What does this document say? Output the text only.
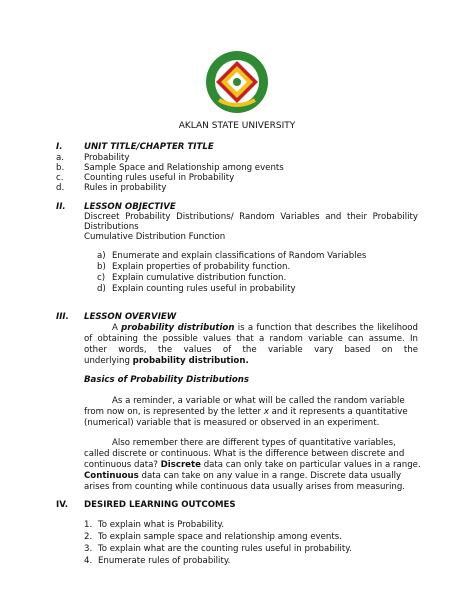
AKLAN STATE UNIVERSITY
I.	UNIT TITLE/CHAPTER TITLE
a. Probability
b. Sample Space and Relationship among events
c. Counting rules useful in Probability
d. Rules in probability
II. LESSON OBJECTIVE
Discreet Probability Distributions/ Random Variables and their Probability
Distributions
Cumulative Distribution Function
a) Enumerate and explain classifications of Random Variables
b) Explain properties of probability function.
c) Explain cumulative distribution function.
d) Explain counting rules useful in probability
III. LESSON OVERVIEW
A probability distribution is a function that describes the likelihood
of obtaining the possible values that a random variable can assume. In
other words, the values of the variable vary based on the
underlying probability distribution.
Basics of Probability Distributions
As a reminder, a variable or what will be called the random variable
from now on, is represented by the letter x and it represents a quantitative
(numerical) variable that is measured or observed in an experiment.
Also remember there are different types of quantitative variables,
called discrete or continuous. What is the difference between discrete and
continuous data? Discrete data can only take on particular values in a range.
Continuous data can take on any value in a range. Discrete data usually
arises from counting while continuous data usually arises from measuring.
IV. DESIRED LEARNING OUTCOMES
1. To explain what is Probability.
2. To explain sample space and relationship among events.
3. To explain what are the counting rules useful in probability.
4. Enumerate rules of probability.
